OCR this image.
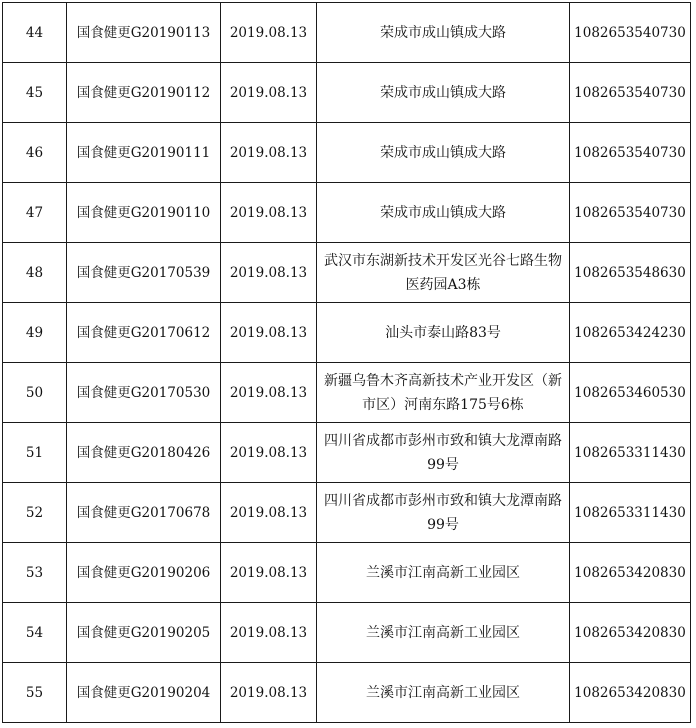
44	国食健更G20190113	2019.08.13	荣成市成山镇成大路	1082653540730
45	国食健更G20190112	2019.08.13	荣成市成山镇成大路	1082653540730
46	国食健更G20190111	2019.08.13	荣成市成山镇成大路	1082653540730
47	国食健更G20190110	2019.08.13	荣成市成山镇成大路	1082653540730
48	国食健更G20170539	2019.08.13	武汉市东湖新技术开发区光谷七路生物医药园A3栋	1082653548630
49	国食健更G20170612	2019.08.13	汕头市泰山路83号	1082653424230
50	国食健更G20170530	2019.08.13	新疆乌鲁木齐高新技术产业开发区（新市区）河南东路175号6栋	1082653460530
51	国食健更G20180426	2019.08.13	四川省成都市彭州市致和镇大龙潭南路99号	1082653311430
52	国食健更G20170678	2019.08.13	四川省成都市彭州市致和镇大龙潭南路99号	1082653311430
53	国食健更G20190206	2019.08.13	兰溪市江南高新工业园区	1082653420830
54	国食健更G20190205	2019.08.13	兰溪市江南高新工业园区	1082653420830
55	国食健更G20190204	2019.08.13	兰溪市江南高新工业园区	1082653420830
